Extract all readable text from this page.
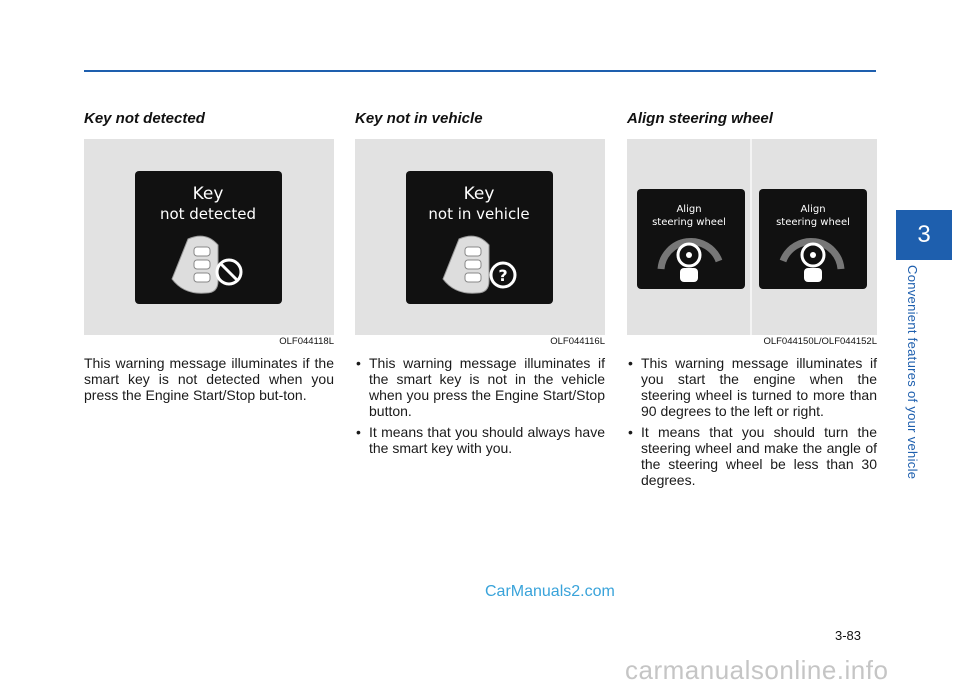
Key not detected
Key
not detected
OLF044118L
This warning message illuminates if the smart key is not detected when you press the Engine Start/Stop but-ton.
Key not in vehicle
Key
not in vehicle
?
OLF044116L
• This warning message illuminates if the smart key is not in the vehicle when you press the Engine Start/Stop button.
• It means that you should always have the smart key with you.
Align steering wheel
Align
steering wheel
Align
steering wheel
OLF044150L/OLF044152L
• This warning message illuminates if you start the engine when the steering wheel is turned to more than 90 degrees to the left or right.
• It means that you should turn the steering wheel and make the angle of the steering wheel be less than 30 degrees.
3
Convenient features of your vehicle
3-83
CarManuals2.com
carmanualsonline.info
